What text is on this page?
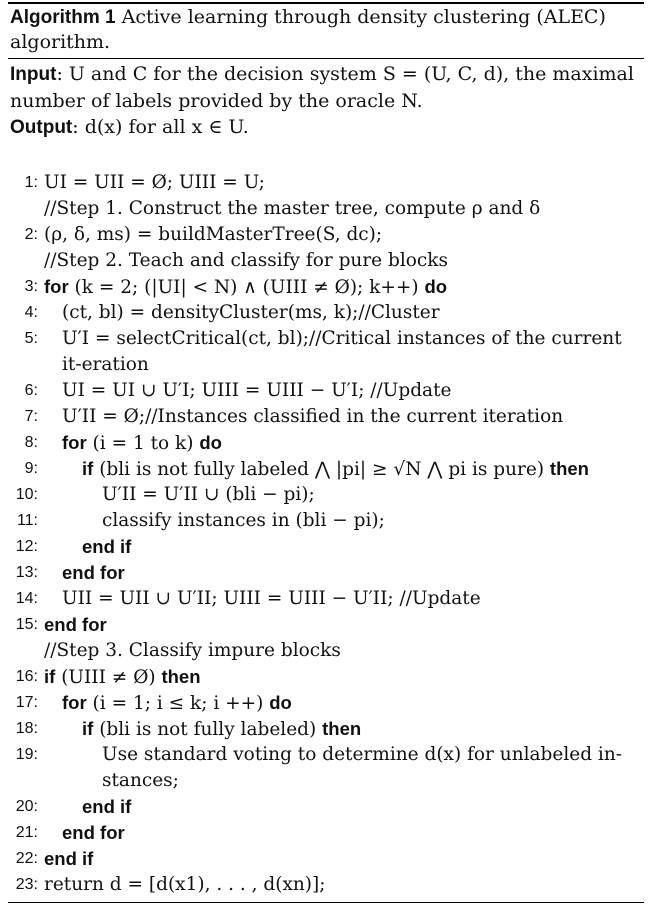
Algorithm 1 Active learning through density clustering (ALEC) algorithm.
Input: U and C for the decision system S = (U, C, d), the maximal number of labels provided by the oracle N.
Output: d(x) for all x ∈ U.
1: UI = UII = Ø; UIII = U;
//Step 1. Construct the master tree, compute ρ and δ
2: (ρ, δ, ms) = buildMasterTree(S, dc);
//Step 2. Teach and classify for pure blocks
3: for (k = 2; (|UI| < N) ∧ (UIII ≠ Ø); k++) do
4: (ct, bl) = densityCluster(ms, k);//Cluster
5: U′I = selectCritical(ct, bl);//Critical instances of the current it-eration
6: UI = UI ∪ U′I; UIII = UIII − U′I; //Update
7: U′II = Ø;//Instances classified in the current iteration
8: for (i = 1 to k) do
9: if (bli is not fully labeled ⋀ |pi| ≥ √N ⋀ pi is pure) then
10:	U′II = U′II ∪ (bli − pi);
11:	classify instances in (bli − pi);
12: end if
13: end for
14: UII = UII ∪ U′II; UIII = UIII − U′II; //Update
15: end for
//Step 3. Classify impure blocks
16: if (UIII ≠ Ø) then
17: for (i = 1; i ≤ k; i ++) do
18: if (bli is not fully labeled) then
19:	Use standard voting to determine d(x) for unlabeled in-stances;
20: end if
21: end for
22: end if
23: return d = [d(x1), . . . , d(xn)];
